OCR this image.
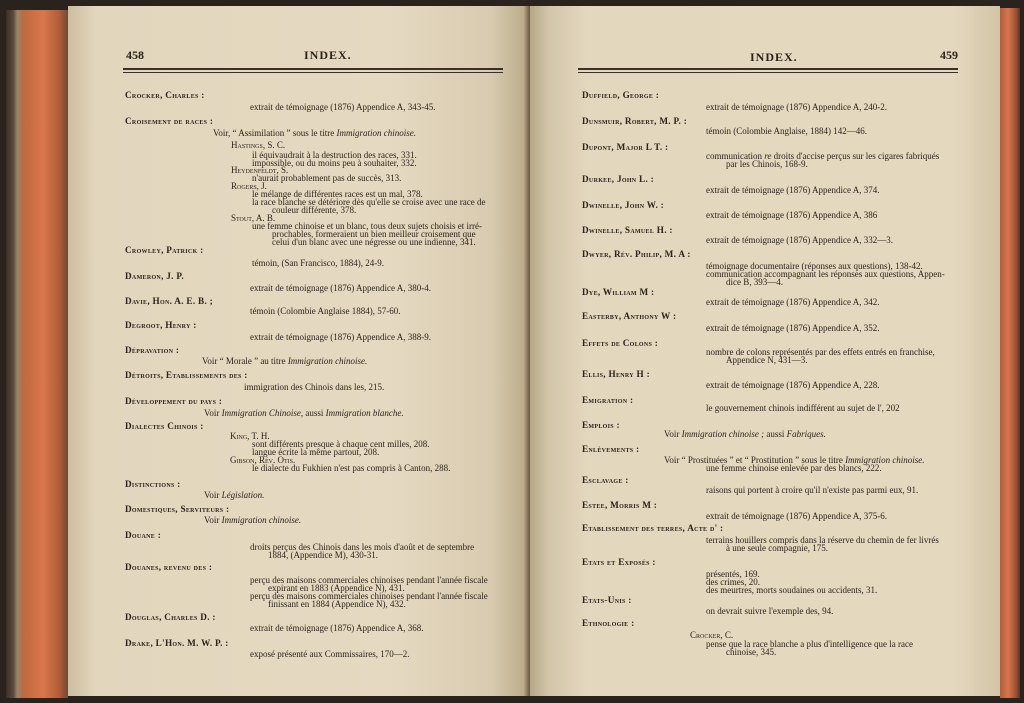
458	INDEX.
Crocker, Charles :
extrait de témoignage (1876) Appendice A, 343-45.
Croisement de races :
Voir, “ Assimilation ” sous le titre Immigration chinoise.
Hastings, S. C.
il équivaudrait à la destruction des races, 331.
impossible, ou du moins peu à souhaiter, 332.
Heydenfeldt, S.
n'aurait probablement pas de succès, 313.
Rogers, J.
le mélange de différentes races est un mal, 378.
la race blanche se détériore dès qu'elle se croise avec une race de
couleur différente, 378.
Stout, A. B.
une femme chinoise et un blanc, tous deux sujets choisis et irré-
prochables, formeraient un bien meilleur croisement que
celui d'un blanc avec une négresse ou une indienne, 341.
Crowley, Patrick :
témoin, (San Francisco, 1884), 24-9.
Dameron, J. P.
extrait de témoignage (1876) Appendice A, 380-4.
Davie, Hon. A. E. B. ;
témoin (Colombie Anglaise 1884), 57-60.
Degroot, Henry :
extrait de témoignage (1876) Appendice A, 388-9.
Dépravation :
Voir “ Morale ” au titre Immigration chinoise.
Détroits, Etablissements des :
immigration des Chinois dans les, 215.
Développement du pays :
Voir Immigration Chinoise, aussi Immigration blanche.
Dialectes Chinois :
King, T. H.
sont différents presque à chaque cent milles, 208.
langue écrite la même partout, 208.
Gibson, Rév. Otis.
le dialecte du Fukhien n'est pas compris à Canton, 288.
Distinctions :
Voir Législation.
Domestiques, Serviteurs :
Voir Immigration chinoise.
Douane :
droits perçus des Chinois dans les mois d'août et de septembre
1884, (Appendice M), 430-31.
Douanes, revenu des :
perçu des maisons commerciales chinoises pendant l'année fiscale
expirant en 1883 (Appendice N), 431.
perçu des maisons commerciales chinoises pendant l'année fiscale
finissant en 1884 (Appendice N), 432.
Douglas, Charles D. :
extrait de témoignage (1876) Appendice A, 368.
Drake, L'Hon. M. W. P. :
exposé présenté aux Commissaires, 170—2.
INDEX.	459
Duffield, George :
extrait de témoignage (1876) Appendice A, 240-2.
Dunsmuir, Robert, M. P. :
témoin (Colombie Anglaise, 1884) 142—46.
Dupont, Major L T. :
communication re droits d'accise perçus sur les cigares fabriqués
par les Chinois, 168-9.
Durkee, John L. :
extrait de témoignage (1876) Appendice A, 374.
Dwinelle, John W. :
extrait de témoignage (1876) Appendice A, 386
Dwinelle, Samuel H. :
extrait de témoignage (1876) Appendice A, 332—3.
Dwyer, Rév. Philip, M. A :
témoignage documentaire (réponses aux questions), 138-42.
communication accompagnant les réponses aux questions, Appen-
dice B, 393—4.
Dye, William M :
extrait de témoignage (1876) Appendice A, 342.
Easterby, Anthony W :
extrait de témoignage (1876) Appendice A, 352.
Effets de Colons :
nombre de colons représentés par des effets entrés en franchise,
Appendice N, 431—3.
Ellis, Henry H :
extrait de témoignage (1876) Appendice A, 228.
Emigration :
le gouvernement chinois indifférent au sujet de l', 202
Emplois :
Voir Immigration chinoise ; aussi Fabriques.
Enlèvements :
Voir “ Prostituées ” et “ Prostitution ” sous le titre Immigration chinoise.
une femme chinoise enlevée par des blancs, 222.
Esclavage :
raisons qui portent à croire qu'il n'existe pas parmi eux, 91.
Estee, Morris M :
extrait de témoignage (1876) Appendice A, 375-6.
Etablissement des terres, Acte d' :
terrains houillers compris dans la réserve du chemin de fer livrés
à une seule compagnie, 175.
Etats et Exposés :
présentés, 169.
des crimes, 20.
des meurtres, morts soudaines ou accidents, 31.
Etats-Unis :
on devrait suivre l'exemple des, 94.
Ethnologie :
Crocker, C.
pense que la race blanche a plus d'intelligence que la race
chinoise, 345.
